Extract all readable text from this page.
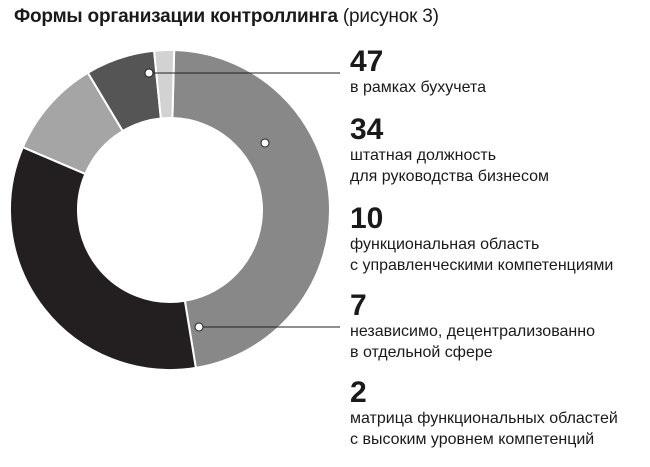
Формы организации контроллинга (рисунок 3)
47
в рамках бухучета
34
штатная должность
для руководства бизнесом
10
функциональная область
с управленческими компетенциями
7
независимо, децентрализованно
в отдельной сфере
2
матрица функциональных областей
с высоким уровнем компетенций
